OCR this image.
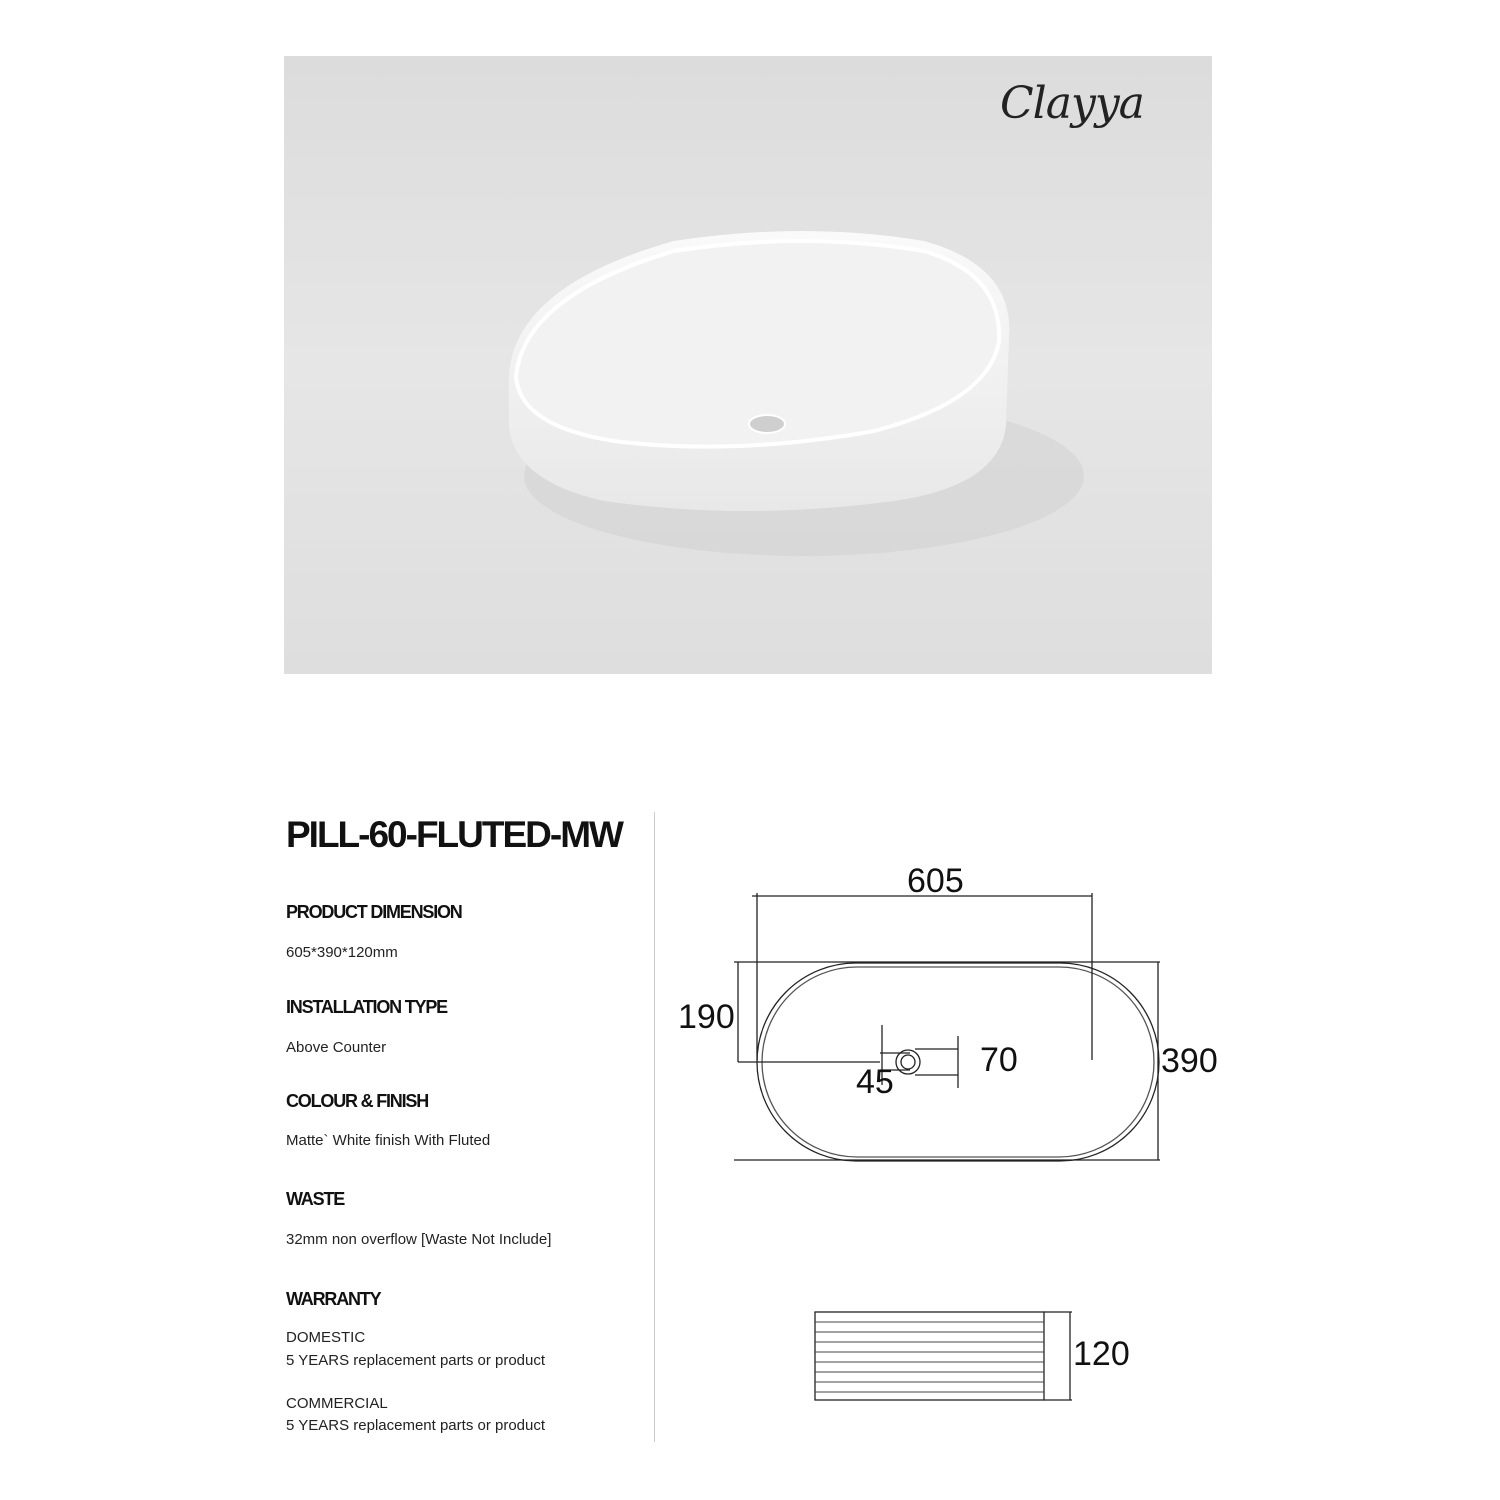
Clayya
PILL-60-FLUTED-MW
PRODUCT DIMENSION
605*390*120mm
INSTALLATION TYPE
Above Counter
COLOUR & FINISH
Matte` White finish With Fluted
WASTE
32mm non overflow [Waste Not Include]
WARRANTY
DOMESTIC
5 YEARS replacement parts or product
COMMERCIAL
5 YEARS replacement parts or product
605
190
390
45
70
120
